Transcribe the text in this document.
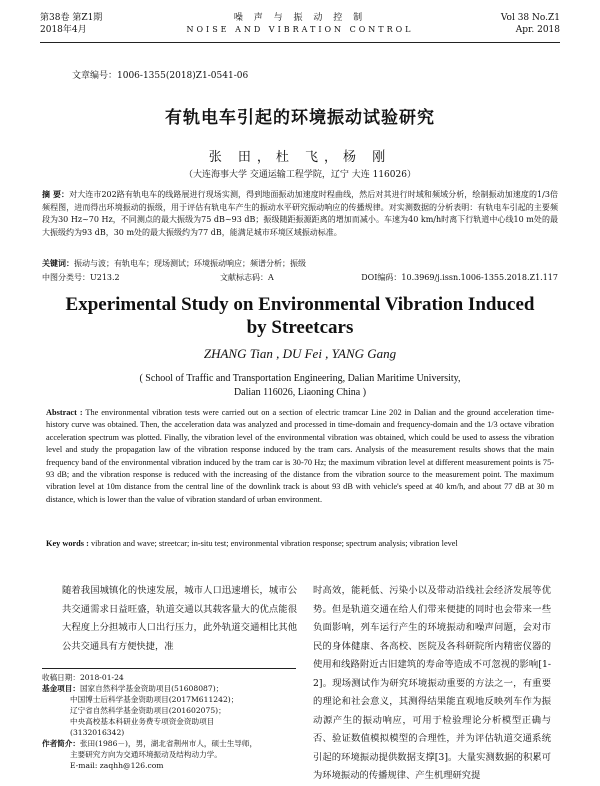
第38卷 第Z1期
2018年4月
噪 声 与 振 动 控 制
NOISE AND VIBRATION CONTROL
Vol 38 No.Z1
Apr. 2018
文章编号：1006-1355(2018)Z1-0541-06
有轨电车引起的环境振动试验研究
张 田，杜 飞，杨 刚
（大连海事大学 交通运输工程学院，辽宁 大连 116026）
摘 要：对大连市202路有轨电车的线路展进行现场实测，得到地面振动加速度时程曲线，然后对其进行时域和频域分析，绘制振动加速度的1/3倍频程图，进而得出环境振动的振级，用于评估有轨电车产生的振动水平研究振动响应的传播规律。对实测数据的分析表明：有轨电车引起的主要频段为30 Hz~70 Hz，不同测点的最大振级为75 dB~93 dB；振级随距振源距离的增加而减小。车速为40 km/h时离下行轨道中心线10 m处的最大振级约为93 dB，30 m处的最大振级约为77 dB，能满足城市环境区域振动标准。
关键词：振动与波；有轨电车；现场测试；环境振动响应；频谱分析；振级
中图分类号：U213.2	文献标志码：A	DOI编码：10.3969/j.issn.1006-1355.2018.Z1.117
Experimental Study on Environmental Vibration Induced
by Streetcars
ZHANG Tian , DU Fei , YANG Gang
( School of Traffic and Transportation Engineering, Dalian Maritime University,
Dalian 116026, Liaoning China )
Abstract : The environmental vibration tests were carried out on a section of electric tramcar Line 202 in Dalian and the ground acceleration time-history curve was obtained. Then, the acceleration data was analyzed and processed in time-domain and frequency-domain and the 1/3 octave vibration acceleration spectrum was plotted. Finally, the vibration level of the environmental vibration was obtained, which could be used to assess the vibration level and study the propagation law of the vibration response induced by the tram cars. Analysis of the measurement results shows that the main frequency band of the environmental vibration induced by the tram car is 30-70 Hz; the maximum vibration level at different measurement points is 75-93 dB; and the vibration response is reduced with the increasing of the distance from the vibration source to the measurement point. The maximum vibration level at 10m distance from the central line of the downlink track is about 93 dB with vehicle's speed at 40 km/h, and about 77 dB at 30 m distance, which is lower than the value of vibration standard of urban environment.
Key words : vibration and wave; streetcar; in-situ test; environmental vibration response; spectrum analysis; vibration level
随着我国城镇化的快速发展，城市人口迅速增长，城市公共交通需求日益旺盛，轨道交通以其载客量大的优点能很大程度上分担城市人口出行压力，此外轨道交通相比其他公共交通具有方便快捷，准
时高效，能耗低、污染小以及带动沿线社会经济发展等优势。但是轨道交通在给人们带来便捷的同时也会带来一些负面影响，列车运行产生的环境振动和噪声问题，会对市民的身体健康、各高校、医院及各科研院所内精密仪器的使用和线路附近古旧建筑的寿命等造成不可忽视的影响[1-2]。现场测试作为研究环境振动重要的方法之一，有重要的理论和社会意义，其测得结果能直观地反映列车作为振动源产生的振动响应，可用于检验理论分析模型正确与否、验证数值模拟模型的合理性，并为评估轨道交通系统引起的环境振动提供数据支撑[3]。大量实测数据的积累可为环境振动的传播规律、产生机理研究提
收稿日期：2018-01-24
基金项目：国家自然科学基金资助项目(51608087)；
中国博士后科学基金资助项目(2017M611242)；
辽宁省自然科学基金资助项目(201602075)；
中央高校基本科研业务费专项资金资助项目
(3132016342)
作者简介：张田(1986－)，男，湖北省荆州市人，硕士生导师，
主要研究方向为交通环境振动及结构动力学。
E-mail: zaqhh@126.com
